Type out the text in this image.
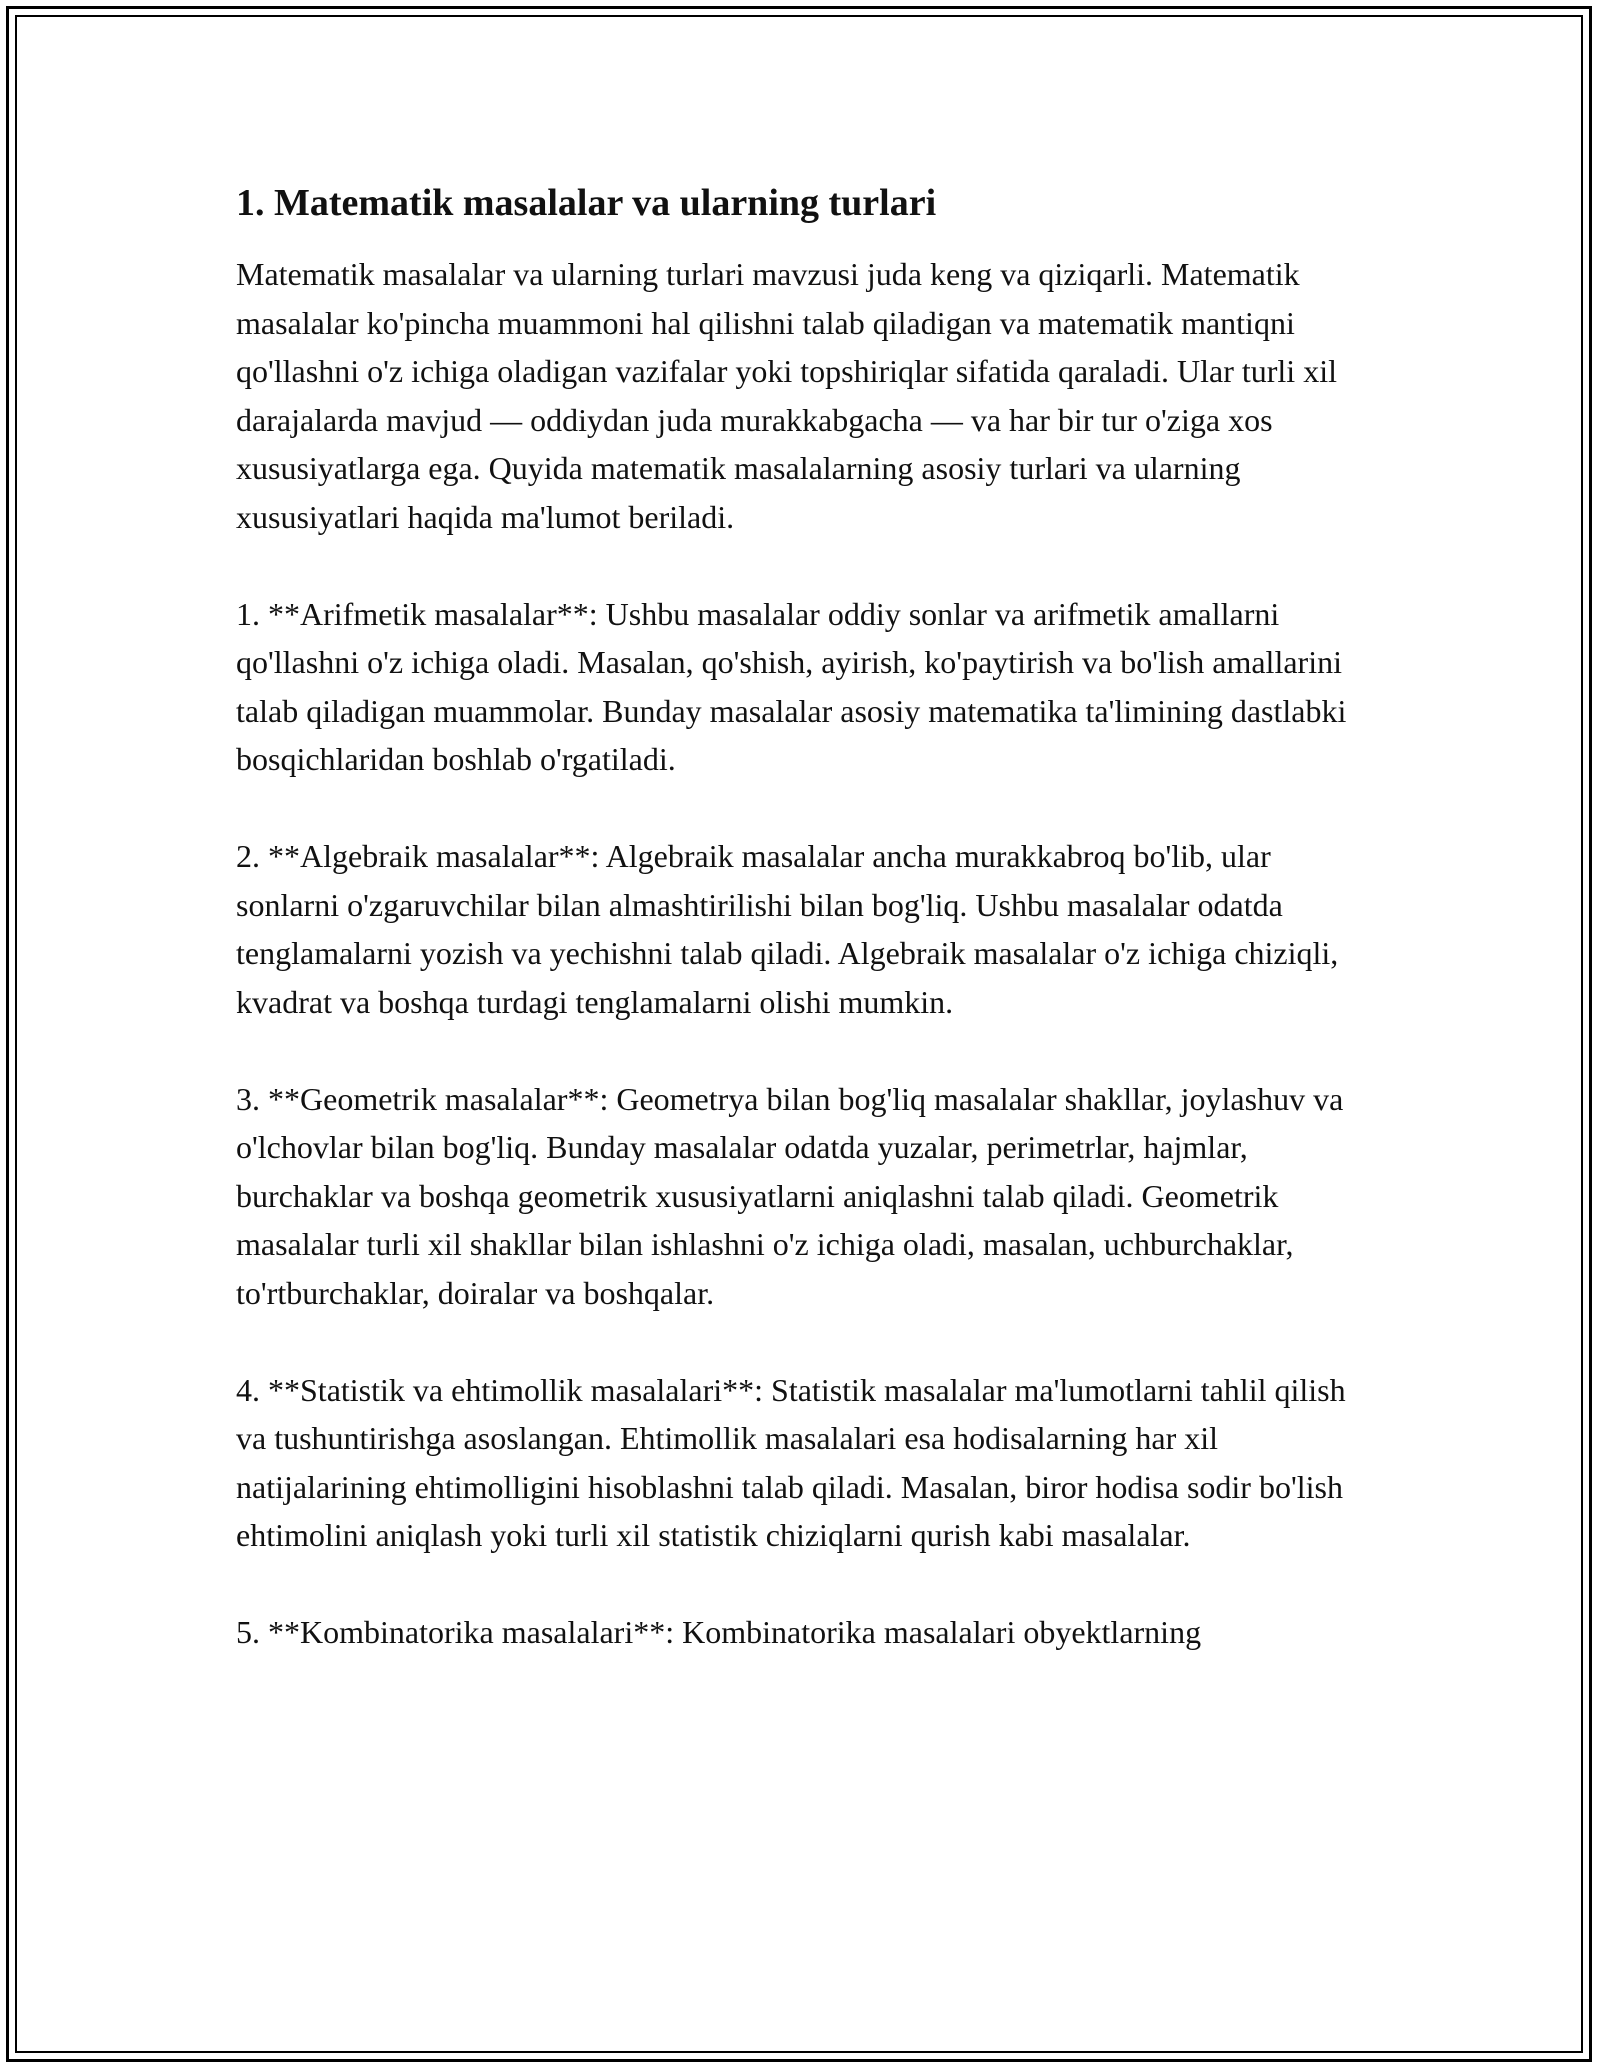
1. Matematik masalalar va ularning turlari

Matematik masalalar va ularning turlari mavzusi juda keng va qiziqarli. Matematik masalalar ko'pincha muammoni hal qilishni talab qiladigan va matematik mantiqni qo'llashni o'z ichiga oladigan vazifalar yoki topshiriqlar sifatida qaraladi. Ular turli xil darajalarda mavjud — oddiydan juda murakkabgacha — va har bir tur o'ziga xos xususiyatlarga ega. Quyida matematik masalalarning asosiy turlari va ularning xususiyatlari haqida ma'lumot beriladi.

1. **Arifmetik masalalar**: Ushbu masalalar oddiy sonlar va arifmetik amallarni qo'llashni o'z ichiga oladi. Masalan, qo'shish, ayirish, ko'paytirish va bo'lish amallarini talab qiladigan muammolar. Bunday masalalar asosiy matematika ta'limining dastlabki bosqichlaridan boshlab o'rgatiladi.

2. **Algebraik masalalar**: Algebraik masalalar ancha murakkabroq bo'lib, ular sonlarni o'zgaruvchilar bilan almashtirilishi bilan bog'liq. Ushbu masalalar odatda tenglamalarni yozish va yechishni talab qiladi. Algebraik masalalar o'z ichiga chiziqli, kvadrat va boshqa turdagi tenglamalarni olishi mumkin.

3. **Geometrik masalalar**: Geometrya bilan bog'liq masalalar shakllar, joylashuv va o'lchovlar bilan bog'liq. Bunday masalalar odatda yuzalar, perimetrlar, hajmlar, burchaklar va boshqa geometrik xususiyatlarni aniqlashni talab qiladi. Geometrik masalalar turli xil shakllar bilan ishlashni o'z ichiga oladi, masalan, uchburchaklar, to'rtburchaklar, doiralar va boshqalar.

4. **Statistik va ehtimollik masalalari**: Statistik masalalar ma'lumotlarni tahlil qilish va tushuntirishga asoslangan. Ehtimollik masalalari esa hodisalarning har xil natijalarining ehtimolligini hisoblashni talab qiladi. Masalan, biror hodisa sodir bo'lish ehtimolini aniqlash yoki turli xil statistik chiziqlarni qurish kabi masalalar.

5. **Kombinatorika masalalari**: Kombinatorika masalalari obyektlarning
